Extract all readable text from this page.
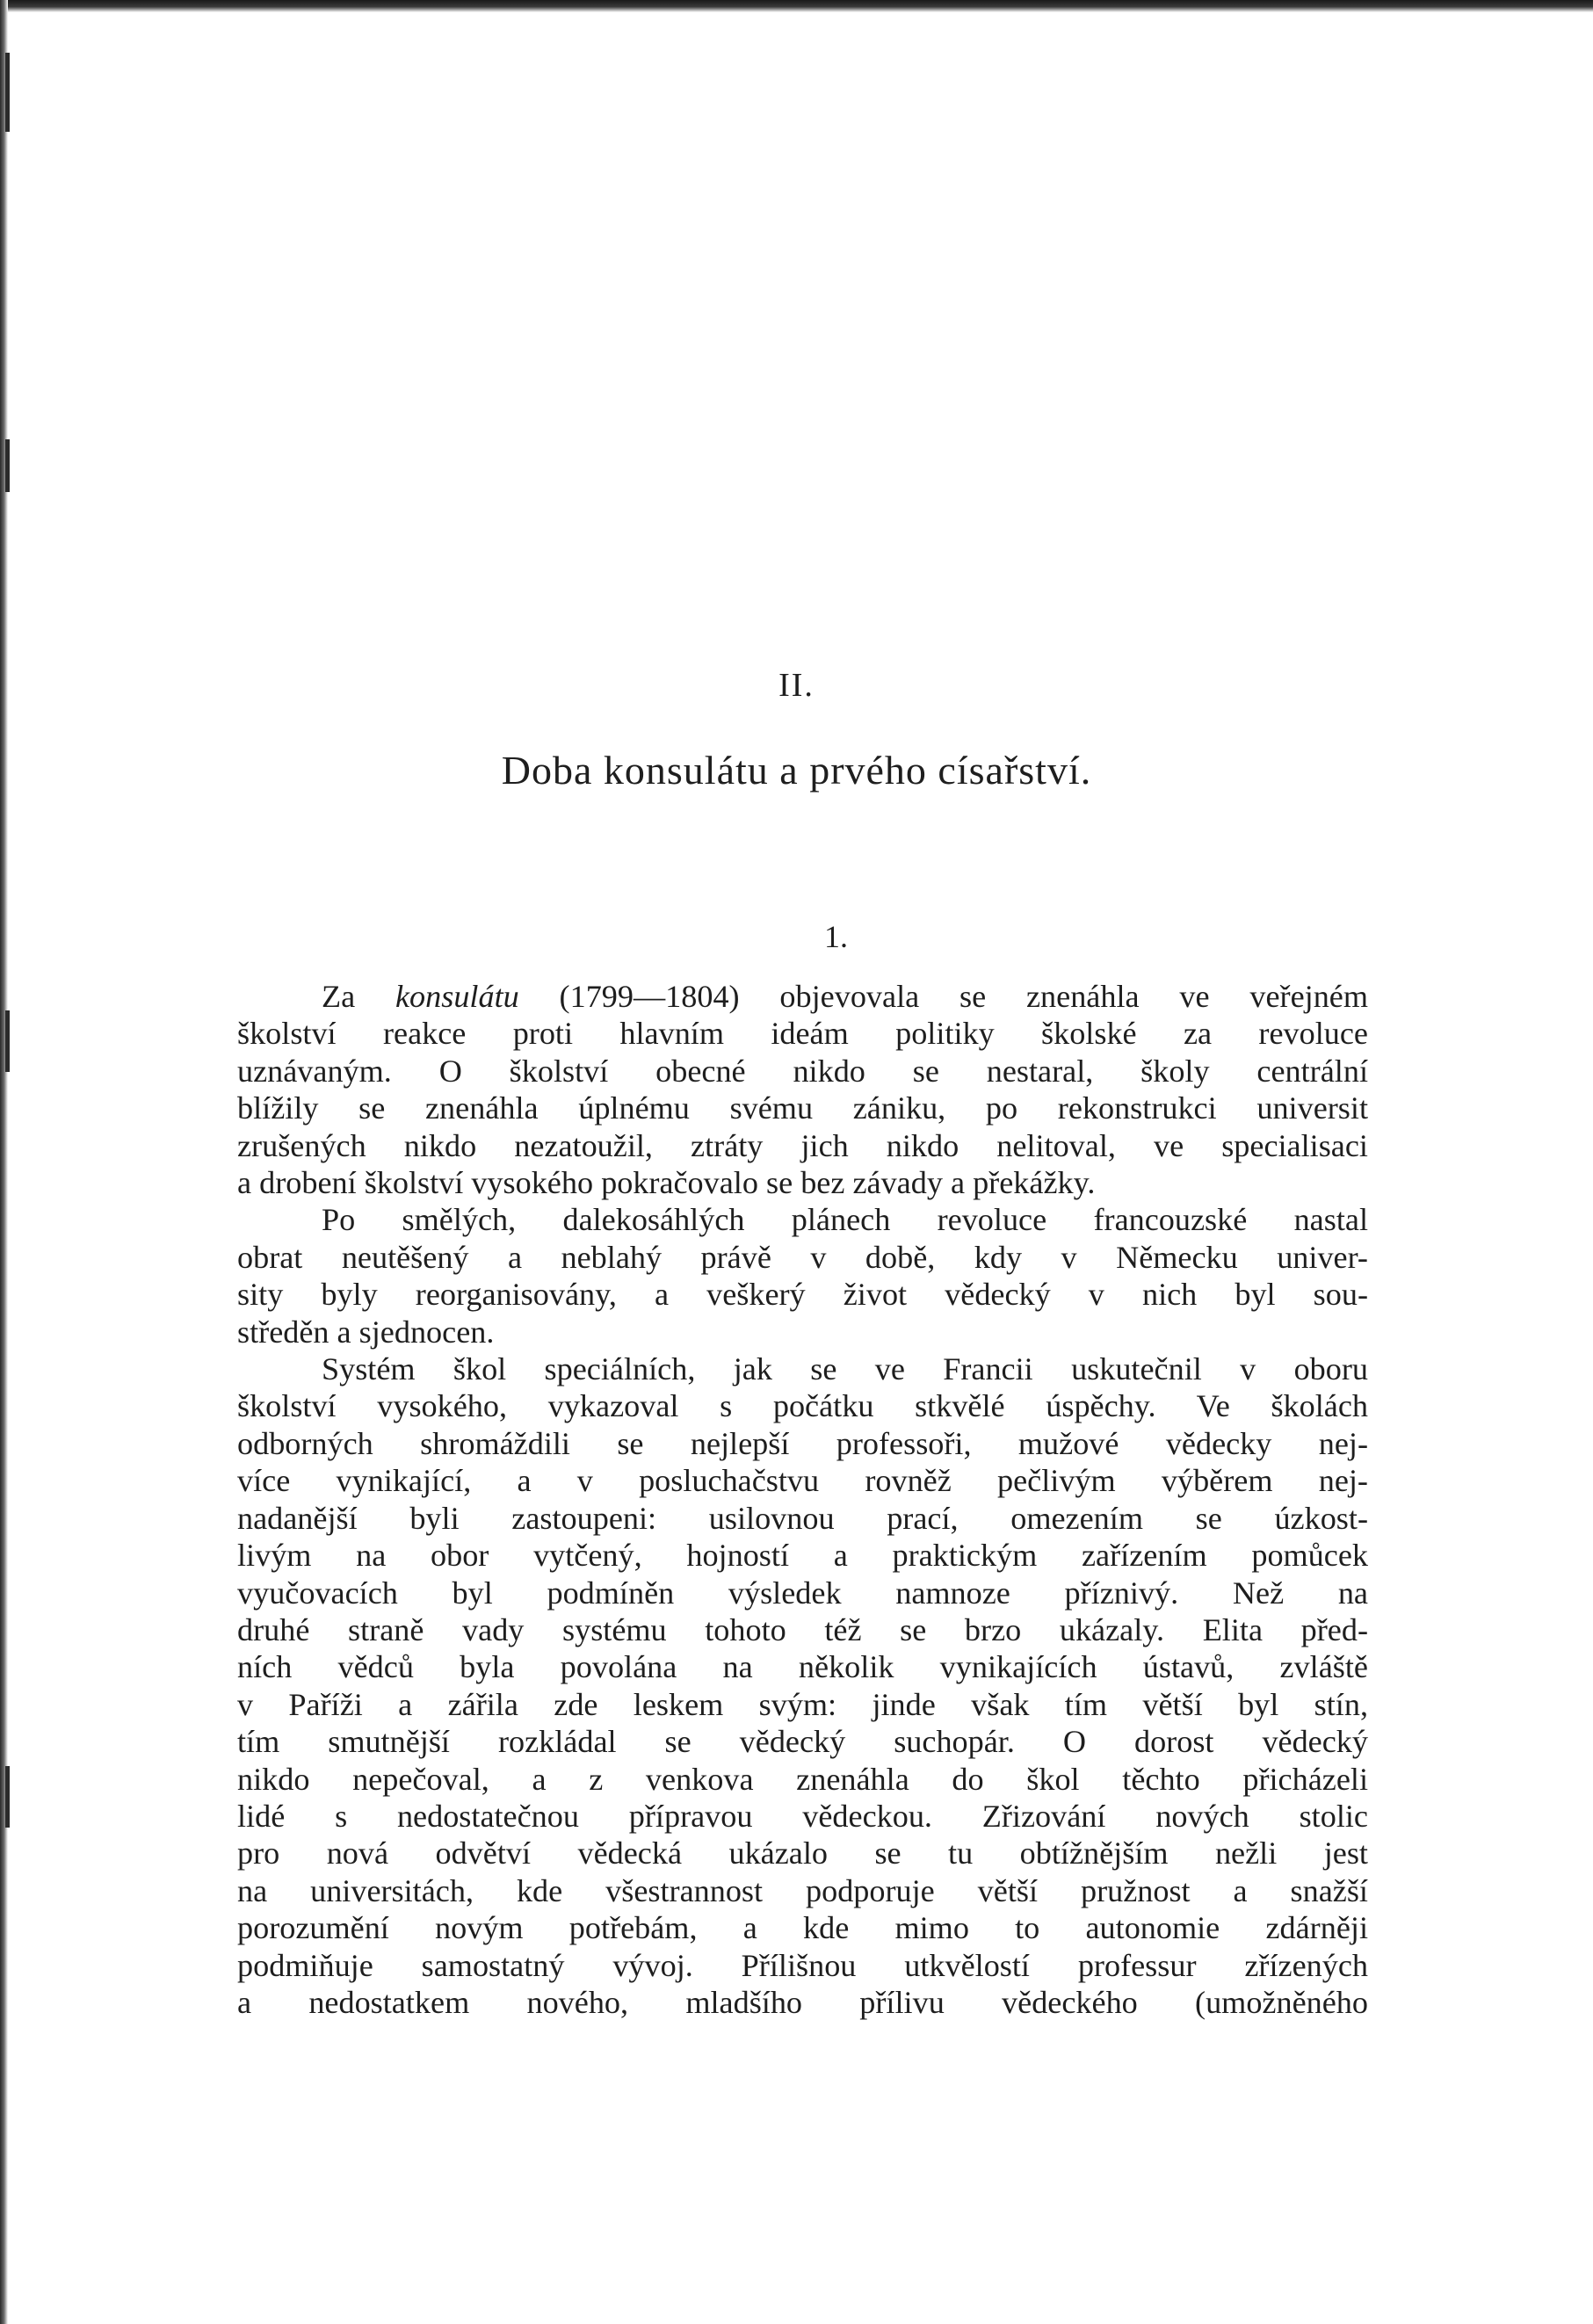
II.
Doba konsulátu a prvého císařství.
1.
Za konsulátu (1799—1804) objevovala se znenáhla ve veřejném
školství reakce proti hlavním ideám politiky školské za revoluce
uznávaným. O školství obecné nikdo se nestaral, školy centrální
blížily se znenáhla úplnému svému zániku, po rekonstrukci universit
zrušených nikdo nezatoužil, ztráty jich nikdo nelitoval, ve specialisaci
a drobení školství vysokého pokračovalo se bez závady a překážky.
Po smělých, dalekosáhlých plánech revoluce francouzské nastal
obrat neutěšený a neblahý právě v době, kdy v Německu univer-
sity byly reorganisovány, a veškerý život vědecký v nich byl sou-
středěn a sjednocen.
Systém škol speciálních, jak se ve Francii uskutečnil v oboru
školství vysokého, vykazoval s počátku stkvělé úspěchy. Ve školách
odborných shromáždili se nejlepší professoři, mužové vědecky nej-
více vynikající, a v posluchačstvu rovněž pečlivým výběrem nej-
nadanější byli zastoupeni: usilovnou prací, omezením se úzkost-
livým na obor vytčený, hojností a praktickým zařízením pomůcek
vyučovacích byl podmíněn výsledek namnoze příznivý. Než na
druhé straně vady systému tohoto též se brzo ukázaly. Elita před-
ních vědců byla povolána na několik vynikajících ústavů, zvláště
v Paříži a zářila zde leskem svým: jinde však tím větší byl stín,
tím smutnější rozkládal se vědecký suchopár. O dorost vědecký
nikdo nepečoval, a z venkova znenáhla do škol těchto přicházeli
lidé s nedostatečnou přípravou vědeckou. Zřizování nových stolic
pro nová odvětví vědecká ukázalo se tu obtížnějším nežli jest
na universitách, kde všestrannost podporuje větší pružnost a snažší
porozumění novým potřebám, a kde mimo to autonomie zdárněji
podmiňuje samostatný vývoj. Přílišnou utkvělostí professur zřízených
a nedostatkem nového, mladšího přílivu vědeckého (umožněného
